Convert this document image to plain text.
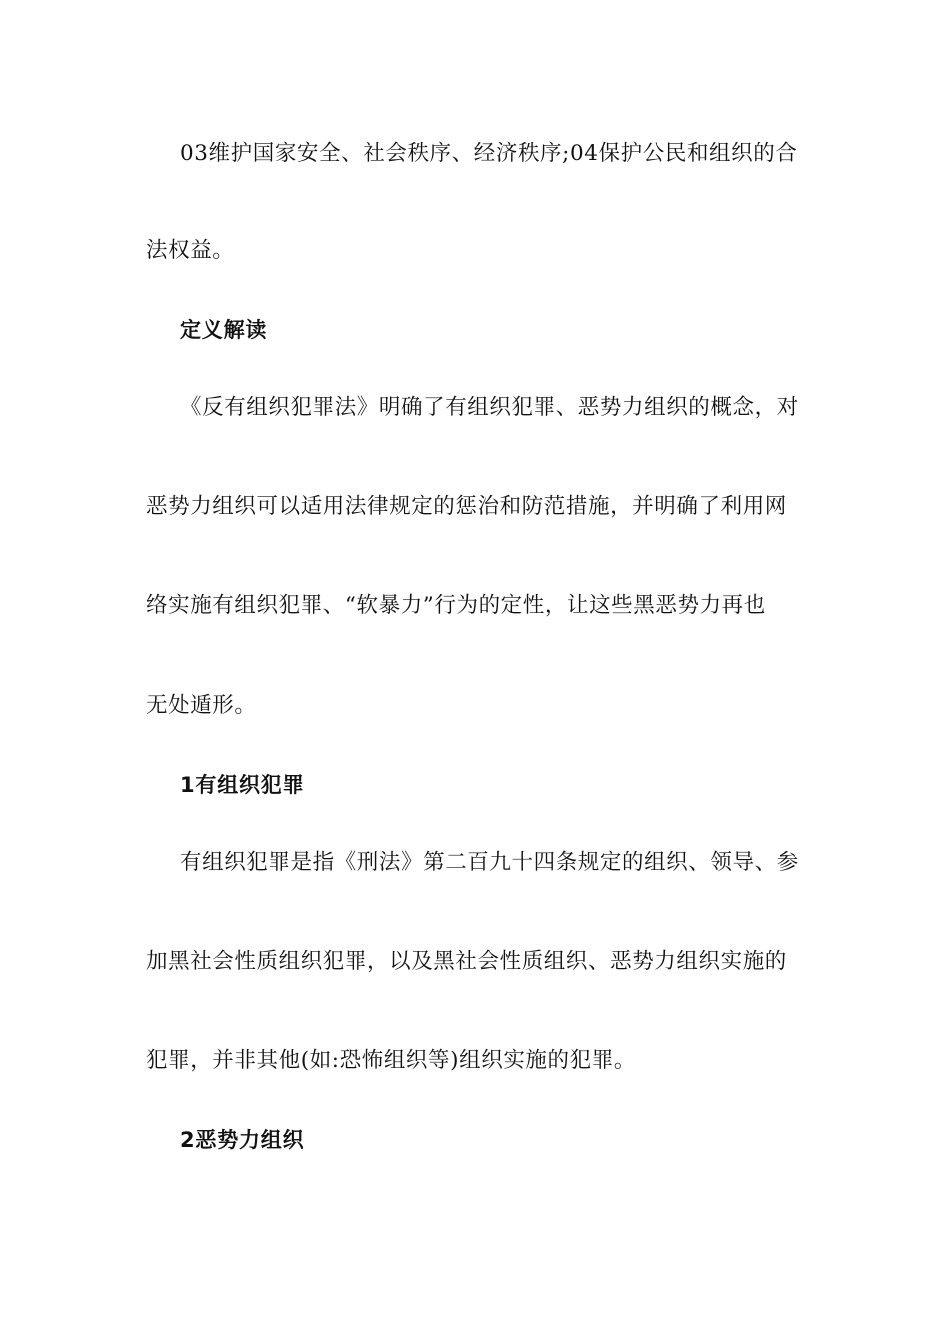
03维护国家安全、社会秩序、经济秩序;04保护公民和组织的合
法权益。
定义解读
《反有组织犯罪法》明确了有组织犯罪、恶势力组织的概念，对
恶势力组织可以适用法律规定的惩治和防范措施，并明确了利用网
络实施有组织犯罪、“软暴力”行为的定性，让这些黑恶势力再也
无处遁形。
1有组织犯罪
有组织犯罪是指《刑法》第二百九十四条规定的组织、领导、参
加黑社会性质组织犯罪，以及黑社会性质组织、恶势力组织实施的
犯罪，并非其他(如:恐怖组织等)组织实施的犯罪。
2恶势力组织
